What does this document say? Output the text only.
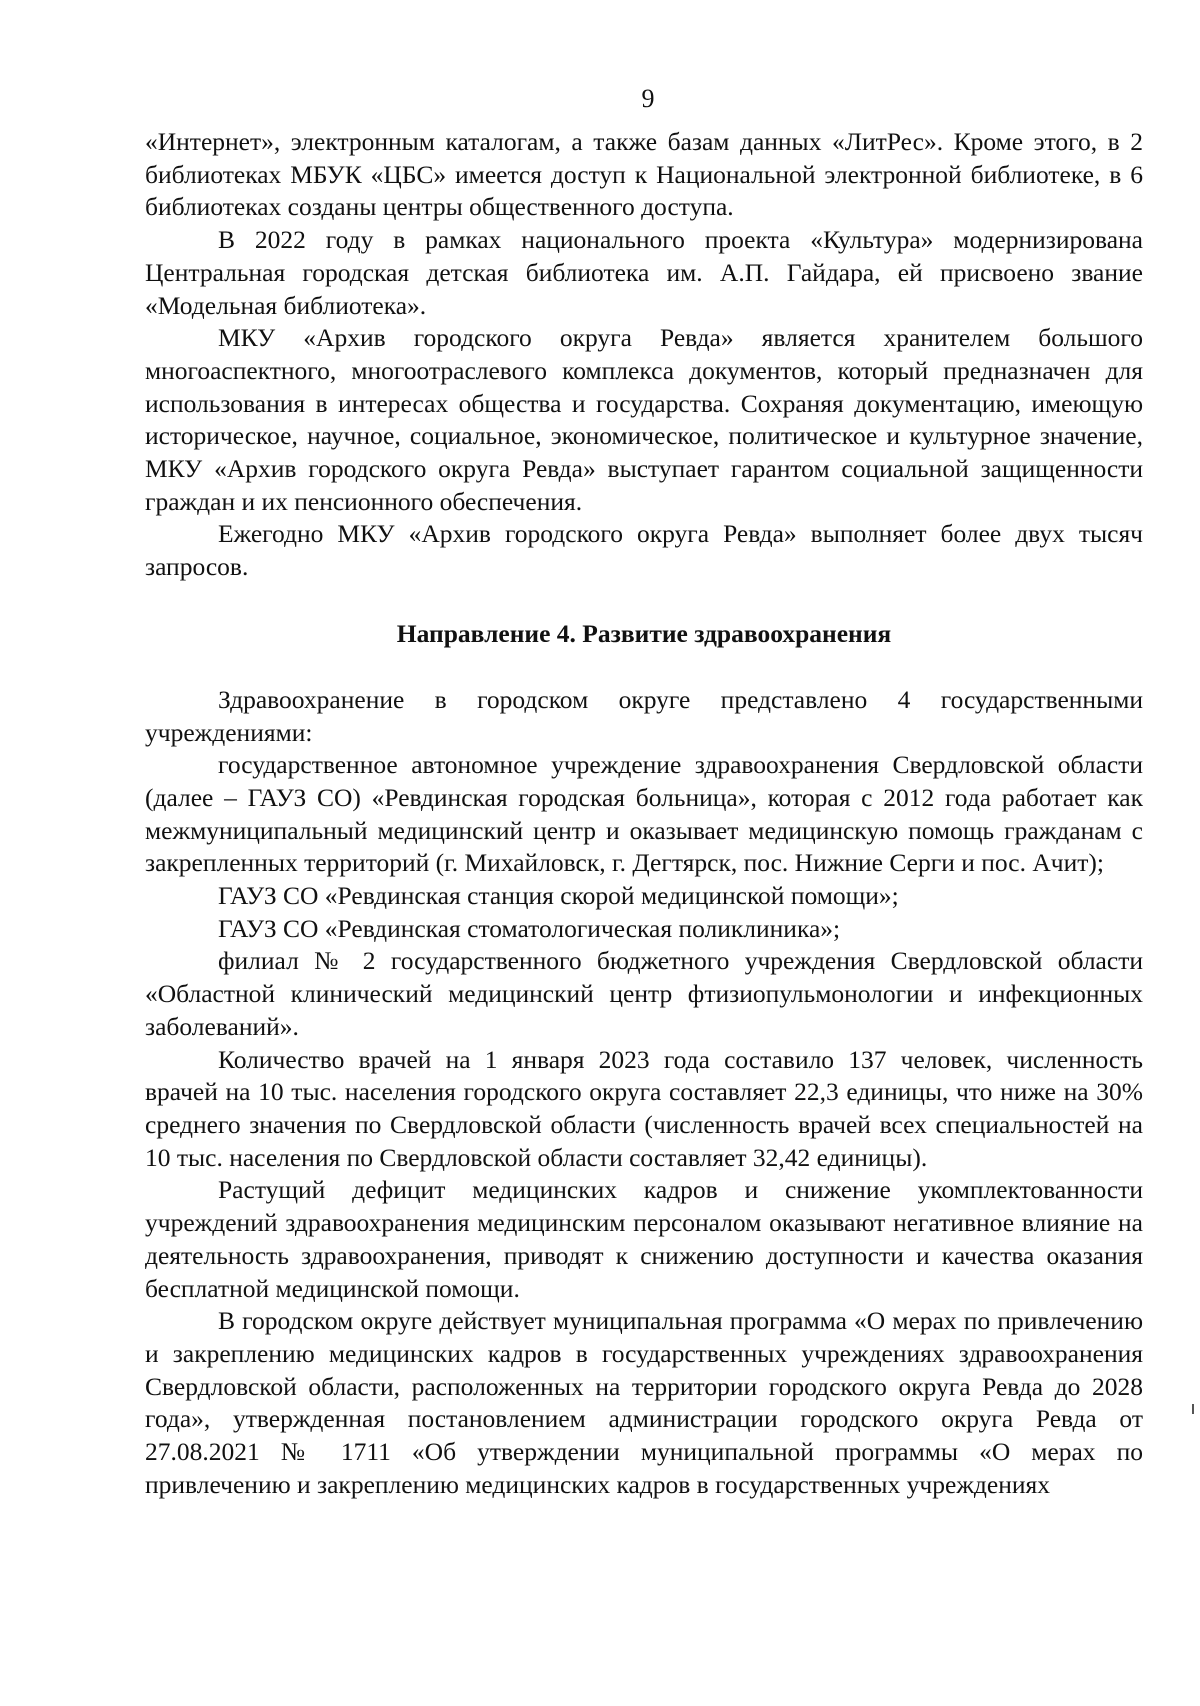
9

«Интернет», электронным каталогам, а также базам данных «ЛитРес». Кроме этого, в 2 библиотеках МБУК «ЦБС» имеется доступ к Национальной электронной библиотеке, в 6 библиотеках созданы центры общественного доступа.

В 2022 году в рамках национального проекта «Культура» модернизирована Центральная городская детская библиотека им. А.П. Гайдара, ей присвоено звание «Модельная библиотека».

МКУ «Архив городского округа Ревда» является хранителем большого многоаспектного, многоотраслевого комплекса документов, который предназначен для использования в интересах общества и государства. Сохраняя документацию, имеющую историческое, научное, социальное, экономическое, политическое и культурное значение, МКУ «Архив городского округа Ревда» выступает гарантом социальной защищенности граждан и их пенсионного обеспечения.

Ежегодно МКУ «Архив городского округа Ревда» выполняет более двух тысяч запросов.

Направление 4. Развитие здравоохранения

Здравоохранение в городском округе представлено 4 государственными учреждениями:

государственное автономное учреждение здравоохранения Свердловской области (далее – ГАУЗ СО) «Ревдинская городская больница», которая с 2012 года работает как межмуниципальный медицинский центр и оказывает медицинскую помощь гражданам с закрепленных территорий (г. Михайловск, г. Дегтярск, пос. Нижние Серги и пос. Ачит);

ГАУЗ СО «Ревдинская станция скорой медицинской помощи»;

ГАУЗ СО «Ревдинская стоматологическая поликлиника»;

филиал № 2 государственного бюджетного учреждения Свердловской области «Областной клинический медицинский центр фтизиопульмонологии и инфекционных заболеваний».

Количество врачей на 1 января 2023 года составило 137 человек, численность врачей на 10 тыс. населения городского округа составляет 22,3 единицы, что ниже на 30% среднего значения по Свердловской области (численность врачей всех специальностей на 10 тыс. населения по Свердловской области составляет 32,42 единицы).

Растущий дефицит медицинских кадров и снижение укомплектованности учреждений здравоохранения медицинским персоналом оказывают негативное влияние на деятельность здравоохранения, приводят к снижению доступности и качества оказания бесплатной медицинской помощи.

В городском округе действует муниципальная программа «О мерах по привлечению и закреплению медицинских кадров в государственных учреждениях здравоохранения Свердловской области, расположенных на территории городского округа Ревда до 2028 года», утвержденная постановлением администрации городского округа Ревда от 27.08.2021 № 1711 «Об утверждении муниципальной программы «О мерах по привлечению и закреплению медицинских кадров в государственных учреждениях
